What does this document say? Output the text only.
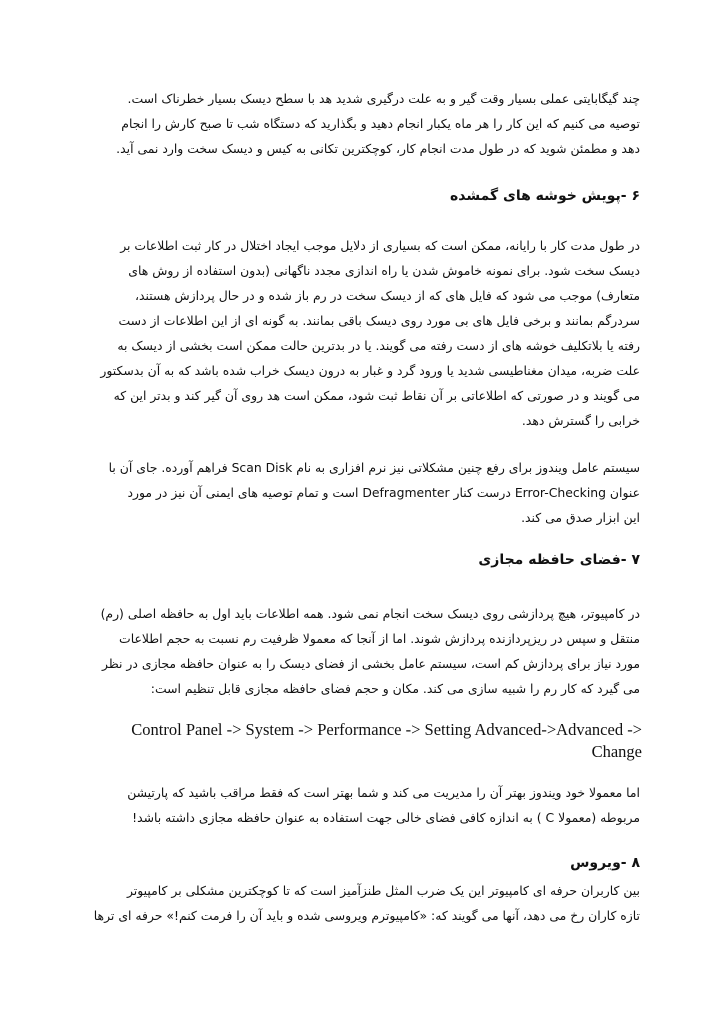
چند گیگابایتی عملی بسیار وقت گیر و به علت درگیری شدید هد با سطح دیسک بسیار خطرناک است.
توصیه می کنیم که این کار را هر ماه یکبار انجام دهید و بگذارید که دستگاه شب تا صبح کارش را انجام
دهد و مطمئن شوید که در طول مدت انجام کار، کوچکترین تکانی به کیس و دیسک سخت وارد نمی آید.
۶ -پویش خوشه های گمشده
در طول مدت کار با رایانه، ممکن است که بسیاری از دلایل موجب ایجاد اختلال در کار ثبت اطلاعات بر
دیسک سخت شود. برای نمونه خاموش شدن یا راه اندازی مجدد ناگهانی (بدون استفاده از روش های
متعارف) موجب می شود که فایل های که از دیسک سخت در رم باز شده و در حال پردازش هستند،
سردرگم بمانند و برخی فایل های بی مورد روی دیسک باقی بمانند. به گونه ای از این اطلاعات از دست
رفته یا بلاتکلیف خوشه های از دست رفته می گویند. یا در بدترین حالت ممکن است بخشی از دیسک به
علت ضربه، میدان مغناطیسی شدید یا ورود گرد و غبار به درون دیسک خراب شده باشد که به آن بدسکتور
می گویند و در صورتی که اطلاعاتی بر آن نقاط ثبت شود، ممکن است هد روی آن گیر کند و بدتر این که
خرابی را گسترش دهد.
سیستم عامل ویندوز برای رفع چنین مشکلاتی نیز نرم افزاری به نام Scan Disk فراهم آورده. جای آن با
عنوان Error-Checking درست کنار Defragmenter است و تمام توصیه های ایمنی آن نیز در مورد
این ابزار صدق می کند.
۷ -فضای حافظه مجازی
در کامپیوتر، هیچ پردازشی روی دیسک سخت انجام نمی شود. همه اطلاعات باید اول به حافظه اصلی (رم)
منتقل و سپس در ریزپردازنده پردازش شوند. اما از آنجا که معمولا ظرفیت رم نسبت به حجم اطلاعات
مورد نیاز برای پردازش کم است، سیستم عامل بخشی از فضای دیسک را به عنوان حافظه مجازی در نظر
می گیرد که کار رم را شبیه سازی می کند. مکان و حجم فضای حافظه مجازی قابل تنظیم است:
Control Panel -> System -> Performance -> Setting Advanced->Advanced ->
Change
اما معمولا خود ویندوز بهتر آن را مدیریت می کند و شما بهتر است که فقط مراقب باشید که پارتیشن
مربوطه (معمولا C ) به اندازه کافی فضای خالی جهت استفاده به عنوان حافظه مجازی داشته باشد!
۸ -ویروس
بین کاربران حرفه ای کامپیوتر این یک ضرب المثل طنزآمیز است که تا کوچکترین مشکلی بر کامپیوتر
تازه کاران رخ می دهد، آنها می گویند که: «کامپیوترم ویروسی شده و باید آن را فرمت کنم!» حرفه ای ترها
